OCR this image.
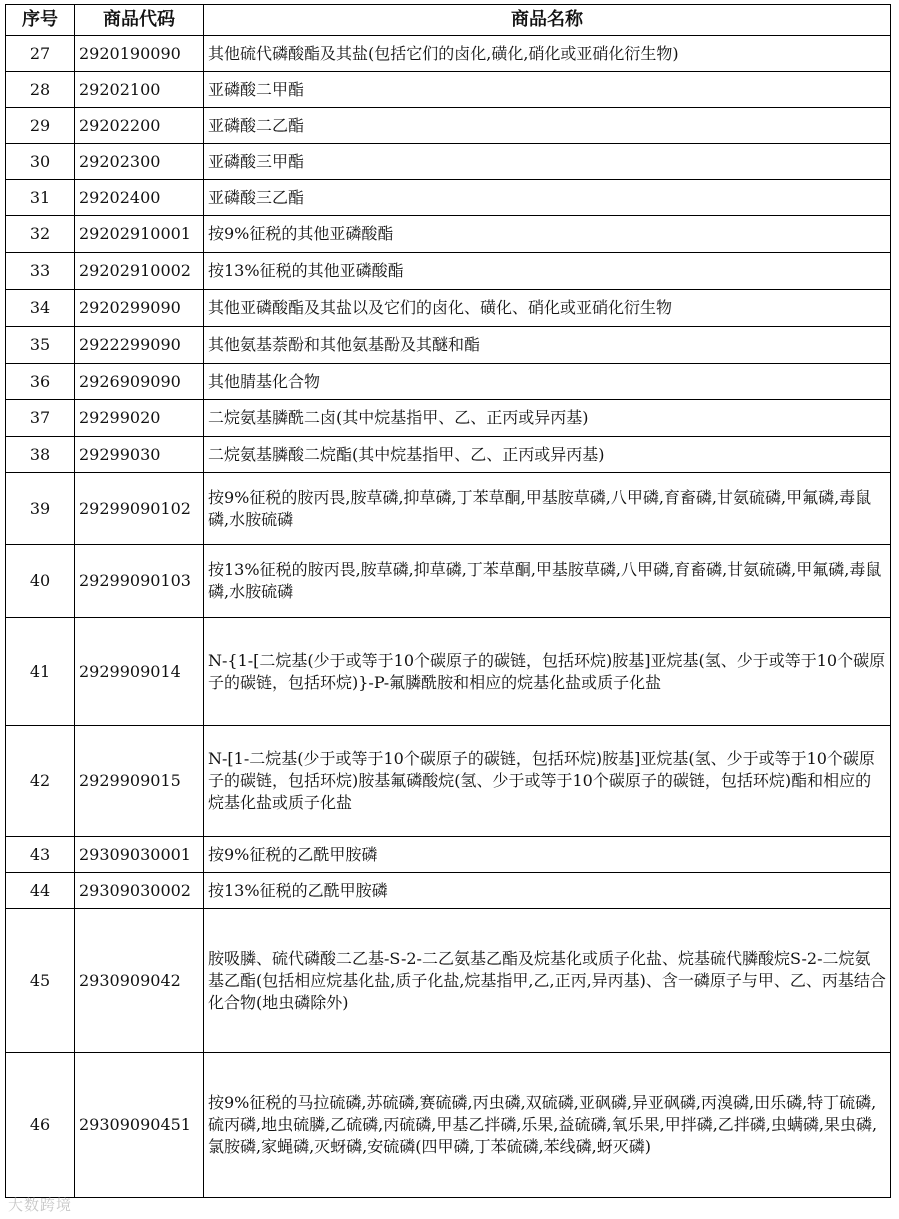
序号	商品代码	商品名称
27	2920190090	其他硫代磷酸酯及其盐(包括它们的卤化,磺化,硝化或亚硝化衍生物)
28	29202100	亚磷酸二甲酯
29	29202200	亚磷酸二乙酯
30	29202300	亚磷酸三甲酯
31	29202400	亚磷酸三乙酯
32	29202910001	按9%征税的其他亚磷酸酯
33	29202910002	按13%征税的其他亚磷酸酯
34	2920299090	其他亚磷酸酯及其盐以及它们的卤化、磺化、硝化或亚硝化衍生物
35	2922299090	其他氨基萘酚和其他氨基酚及其醚和酯
36	2926909090	其他腈基化合物
37	29299020	二烷氨基膦酰二卤(其中烷基指甲、乙、正丙或异丙基)
38	29299030	二烷氨基膦酸二烷酯(其中烷基指甲、乙、正丙或异丙基)
39	29299090102	按9%征税的胺丙畏,胺草磷,抑草磷,丁苯草酮,甲基胺草磷,八甲磷,育畜磷,甘氨硫磷,甲氟磷,毒鼠磷,水胺硫磷
40	29299090103	按13%征税的胺丙畏,胺草磷,抑草磷,丁苯草酮,甲基胺草磷,八甲磷,育畜磷,甘氨硫磷,甲氟磷,毒鼠磷,水胺硫磷
41	2929909014	N-{1-[二烷基(少于或等于10个碳原子的碳链，包括环烷)胺基]亚烷基(氢、少于或等于10个碳原子的碳链，包括环烷)}-P-氟膦酰胺和相应的烷基化盐或质子化盐
42	2929909015	N-[1-二烷基(少于或等于10个碳原子的碳链，包括环烷)胺基]亚烷基(氢、少于或等于10个碳原子的碳链，包括环烷)胺基氟磷酸烷(氢、少于或等于10个碳原子的碳链，包括环烷)酯和相应的烷基化盐或质子化盐
43	29309030001	按9%征税的乙酰甲胺磷
44	29309030002	按13%征税的乙酰甲胺磷
45	2930909042	胺吸膦、硫代磷酸二乙基-S-2-二乙氨基乙酯及烷基化或质子化盐、烷基硫代膦酸烷S-2-二烷氨基乙酯(包括相应烷基化盐,质子化盐,烷基指甲,乙,正丙,异丙基)、含一磷原子与甲、乙、丙基结合化合物(地虫磷除外)
46	29309090451	按9%征税的马拉硫磷,苏硫磷,赛硫磷,丙虫磷,双硫磷,亚砜磷,异亚砜磷,丙溴磷,田乐磷,特丁硫磷,硫丙磷,地虫硫膦,乙硫磷,丙硫磷,甲基乙拌磷,乐果,益硫磷,氧乐果,甲拌磷,乙拌磷,虫螨磷,果虫磷,氯胺磷,家蝇磷,灭蚜磷,安硫磷(四甲磷,丁苯硫磷,苯线磷,蚜灭磷)
大数跨境
